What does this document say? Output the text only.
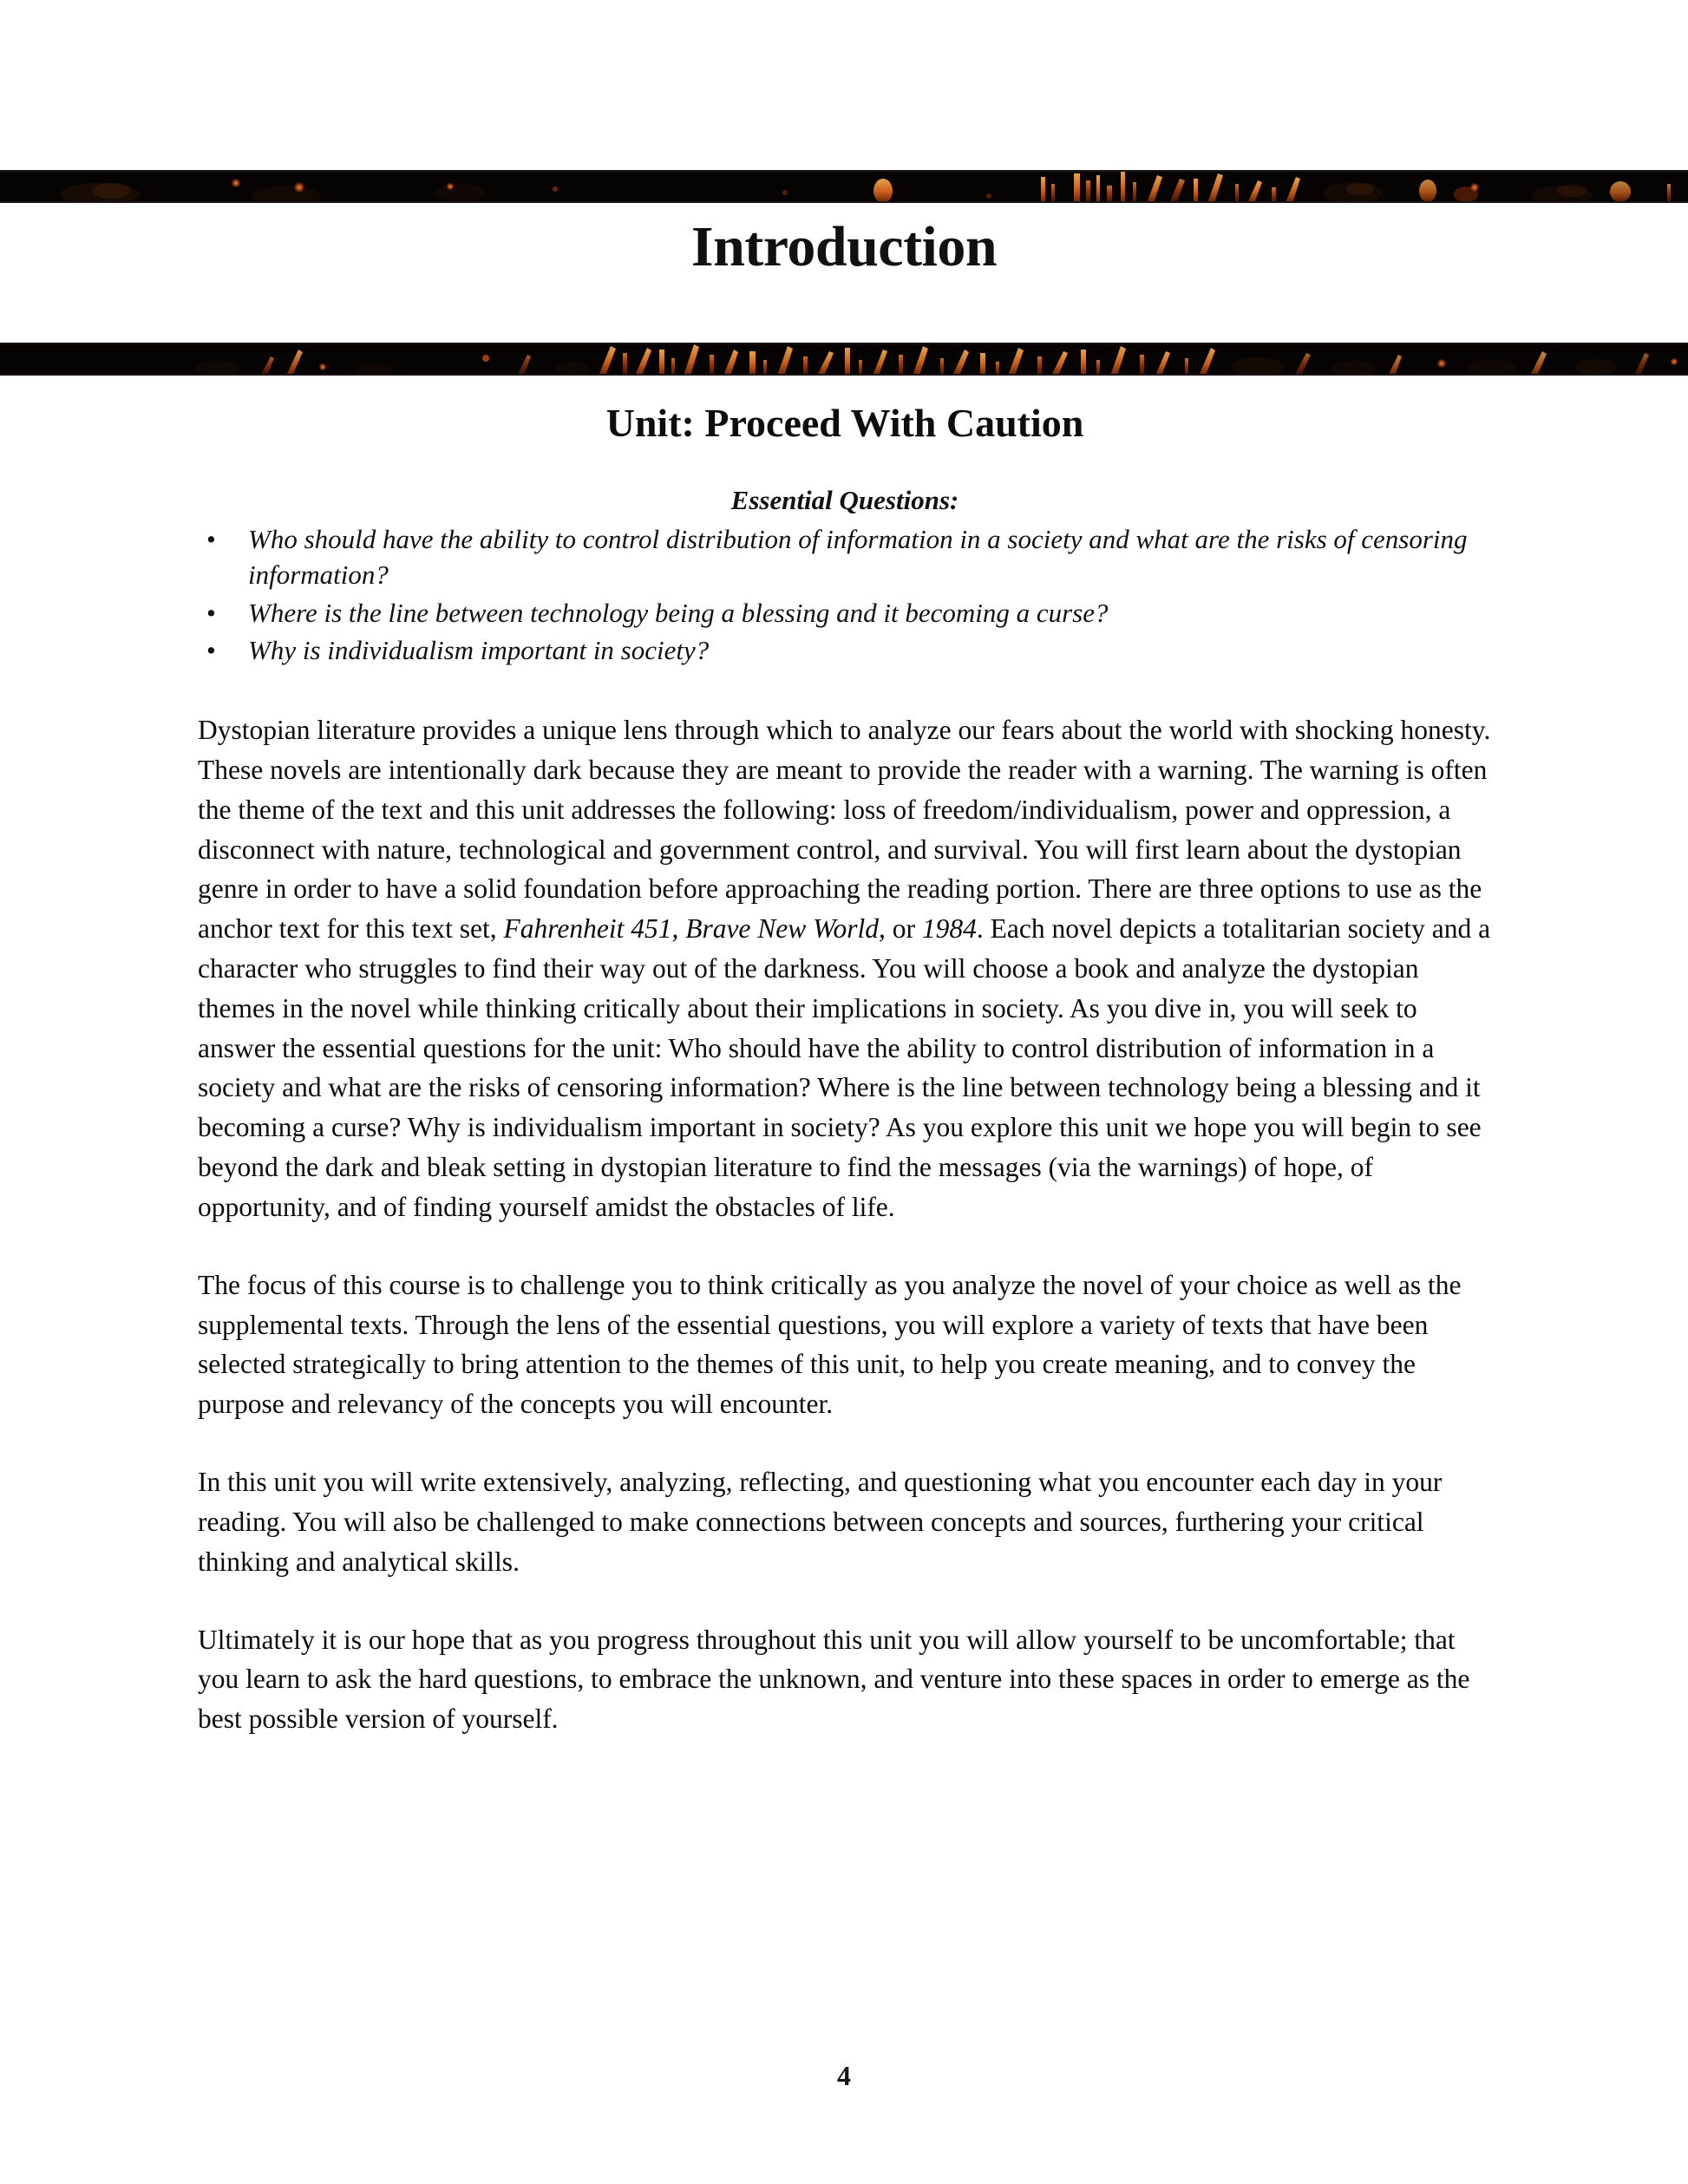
Introduction
Unit: Proceed With Caution
Essential Questions:
• Who should have the ability to control distribution of information in a society and what are the risks of censoring information?
• Where is the line between technology being a blessing and it becoming a curse?
• Why is individualism important in society?

Dystopian literature provides a unique lens through which to analyze our fears about the world with shocking honesty. These novels are intentionally dark because they are meant to provide the reader with a warning. The warning is often the theme of the text and this unit addresses the following: loss of freedom/individualism, power and oppression, a disconnect with nature, technological and government control, and survival. You will first learn about the dystopian genre in order to have a solid foundation before approaching the reading portion. There are three options to use as the anchor text for this text set, Fahrenheit 451, Brave New World, or 1984. Each novel depicts a totalitarian society and a character who struggles to find their way out of the darkness. You will choose a book and analyze the dystopian themes in the novel while thinking critically about their implications in society. As you dive in, you will seek to answer the essential questions for the unit: Who should have the ability to control distribution of information in a society and what are the risks of censoring information? Where is the line between technology being a blessing and it becoming a curse? Why is individualism important in society? As you explore this unit we hope you will begin to see beyond the dark and bleak setting in dystopian literature to find the messages (via the warnings) of hope, of opportunity, and of finding yourself amidst the obstacles of life.

The focus of this course is to challenge you to think critically as you analyze the novel of your choice as well as the supplemental texts. Through the lens of the essential questions, you will explore a variety of texts that have been selected strategically to bring attention to the themes of this unit, to help you create meaning, and to convey the purpose and relevancy of the concepts you will encounter.

In this unit you will write extensively, analyzing, reflecting, and questioning what you encounter each day in your reading. You will also be challenged to make connections between concepts and sources, furthering your critical thinking and analytical skills.

Ultimately it is our hope that as you progress throughout this unit you will allow yourself to be uncomfortable; that you learn to ask the hard questions, to embrace the unknown, and venture into these spaces in order to emerge as the best possible version of yourself.

4
